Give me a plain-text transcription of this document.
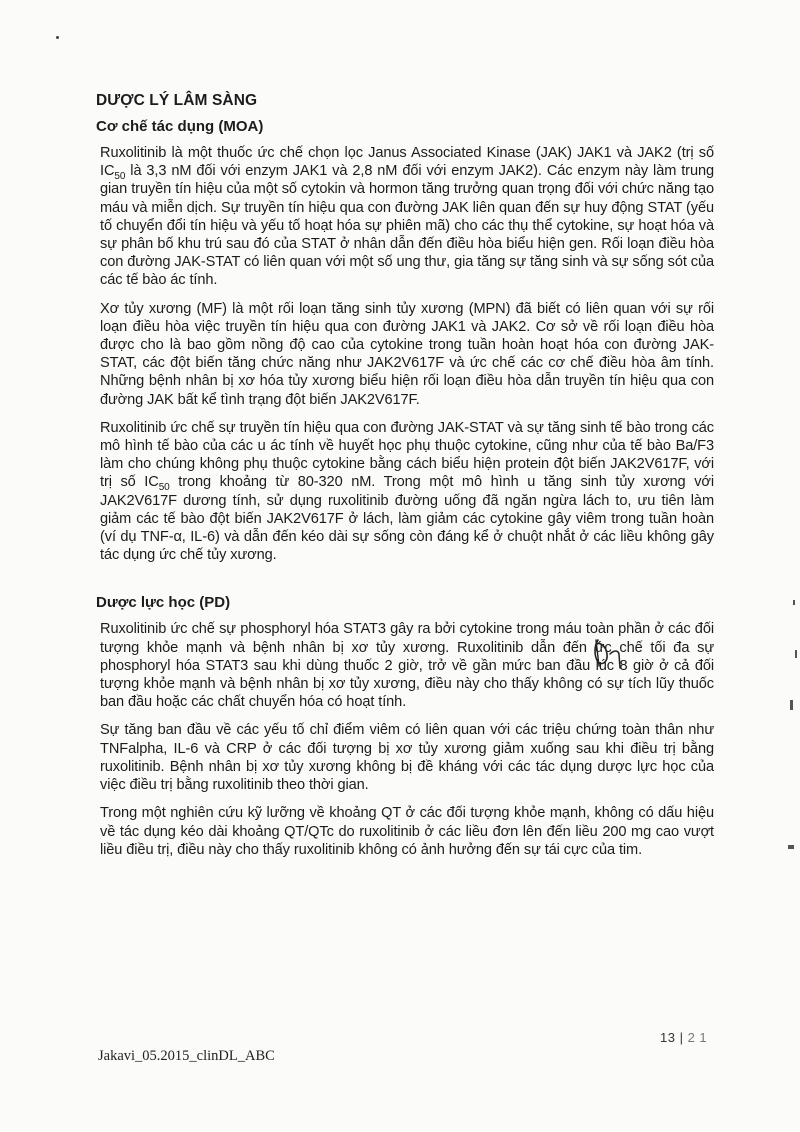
DƯỢC LÝ LÂM SÀNG
Cơ chế tác dụng (MOA)

Ruxolitinib là một thuốc ức chế chọn lọc Janus Associated Kinase (JAK) JAK1 và JAK2 (trị số $IC_{50}$ là 3,3 nM đối với enzym JAK1 và 2,8 nM đối với enzym JAK2). Các enzym này làm trung gian truyền tín hiệu của một số cytokin và hormon tăng trưởng quan trọng đối với chức năng tạo máu và miễn dịch. Sự truyền tín hiệu qua con đường JAK liên quan đến sự huy động STAT (yếu tố chuyển đổi tín hiệu và yếu tố hoạt hóa sự phiên mã) cho các thụ thể cytokine, sự hoạt hóa và sự phân bố khu trú sau đó của STAT ở nhân dẫn đến điều hòa biểu hiện gen. Rối loạn điều hòa con đường JAK-STAT có liên quan với một số ung thư, gia tăng sự tăng sinh và sự sống sót của các tế bào ác tính.

Xơ tủy xương (MF) là một rối loạn tăng sinh tủy xương (MPN) đã biết có liên quan với sự rối loạn điều hòa việc truyền tín hiệu qua con đường JAK1 và JAK2. Cơ sở về rối loạn điều hòa được cho là bao gồm nồng độ cao của cytokine trong tuần hoàn hoạt hóa con đường JAK-STAT, các đột biến tăng chức năng như JAK2V617F và ức chế các cơ chế điều hòa âm tính. Những bệnh nhân bị xơ hóa tủy xương biểu hiện rối loạn điều hòa dẫn truyền tín hiệu qua con đường JAK bất kể tình trạng đột biến JAK2V617F.

Ruxolitinib ức chế sự truyền tín hiệu qua con đường JAK-STAT và sự tăng sinh tế bào trong các mô hình tế bào của các u ác tính về huyết học phụ thuộc cytokine, cũng như của tế bào Ba/F3 làm cho chúng không phụ thuộc cytokine bằng cách biểu hiện protein đột biến JAK2V617F, với trị số $IC_{50}$ trong khoảng từ 80-320 nM. Trong một mô hình u tăng sinh tủy xương với JAK2V617F dương tính, sử dụng ruxolitinib đường uống đã ngăn ngừa lách to, ưu tiên làm giảm các tế bào đột biến JAK2V617F ở lách, làm giảm các cytokine gây viêm trong tuần hoàn (ví dụ TNF-α, IL-6) và dẫn đến kéo dài sự sống còn đáng kể ở chuột nhắt ở các liều không gây tác dụng ức chế tủy xương.

Dược lực học (PD)

Ruxolitinib ức chế sự phosphoryl hóa STAT3 gây ra bởi cytokine trong máu toàn phần ở các đối tượng khỏe mạnh và bệnh nhân bị xơ tủy xương. Ruxolitinib dẫn đến ức chế tối đa sự phosphoryl hóa STAT3 sau khi dùng thuốc 2 giờ, trở về gần mức ban đầu lúc 8 giờ ở cả đối tượng khỏe mạnh và bệnh nhân bị xơ tủy xương, điều này cho thấy không có sự tích lũy thuốc ban đầu hoặc các chất chuyển hóa có hoạt tính.

Sự tăng ban đầu về các yếu tố chỉ điểm viêm có liên quan với các triệu chứng toàn thân như TNFalpha, IL-6 và CRP ở các đối tượng bị xơ tủy xương giảm xuống sau khi điều trị bằng ruxolitinib. Bệnh nhân bị xơ tủy xương không bị đề kháng với các tác dụng dược lực học của việc điều trị bằng ruxolitinib theo thời gian.

Trong một nghiên cứu kỹ lưỡng về khoảng QT ở các đối tượng khỏe mạnh, không có dấu hiệu về tác dụng kéo dài khoảng QT/QTc do ruxolitinib ở các liều đơn lên đến liều 200 mg cao vượt liều điều trị, điều này cho thấy ruxolitinib không có ảnh hưởng đến sự tái cực của tim.

13 | 2 1
Jakavi_05.2015_clinDL_ABC
